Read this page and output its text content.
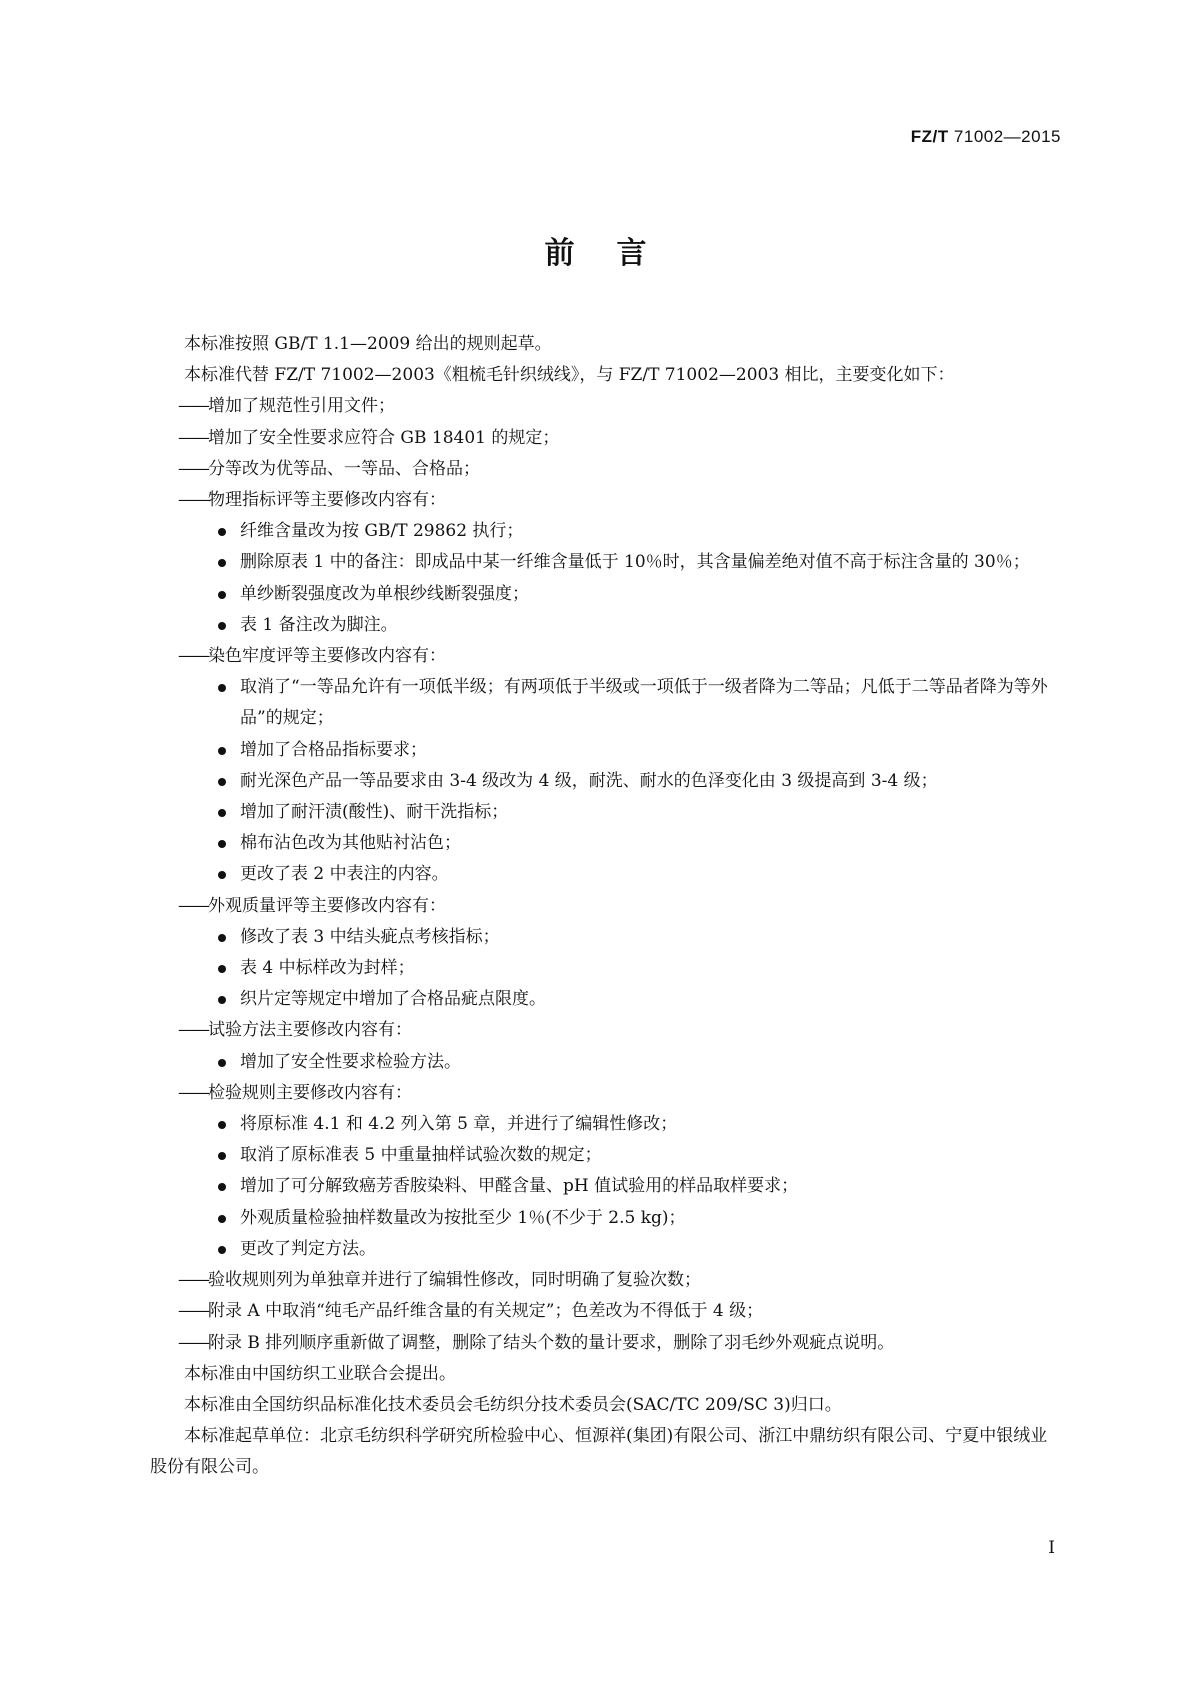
FZ/T 71002—2015
前言

本标准按照 GB/T 1.1—2009 给出的规则起草。

本标准代替 FZ/T 71002—2003《粗梳毛针织绒线》，与 FZ/T 71002—2003 相比，主要变化如下：

——增加了规范性引用文件；

——增加了安全性要求应符合 GB 18401 的规定；

——分等改为优等品、一等品、合格品；

——物理指标评等主要修改内容有：

纤维含量改为按 GB/T 29862 执行；

删除原表 1 中的备注：即成品中某一纤维含量低于 10％时，其含量偏差绝对值不高于标注含量的 30％；

单纱断裂强度改为单根纱线断裂强度；

表 1 备注改为脚注。

——染色牢度评等主要修改内容有：

取消了“一等品允许有一项低半级；有两项低于半级或一项低于一级者降为二等品；凡低于二等品者降为等外品”的规定；

增加了合格品指标要求；

耐光深色产品一等品要求由 3-4 级改为 4 级，耐洗、耐水的色泽变化由 3 级提高到 3-4 级；

增加了耐汗渍(酸性)、耐干洗指标；

棉布沾色改为其他贴衬沾色；

更改了表 2 中表注的内容。

——外观质量评等主要修改内容有：

修改了表 3 中结头疵点考核指标；

表 4 中标样改为封样；

织片定等规定中增加了合格品疵点限度。

——试验方法主要修改内容有：

增加了安全性要求检验方法。

——检验规则主要修改内容有：

将原标准 4.1 和 4.2 列入第 5 章，并进行了编辑性修改；

取消了原标准表 5 中重量抽样试验次数的规定；

增加了可分解致癌芳香胺染料、甲醛含量、pH 值试验用的样品取样要求；

外观质量检验抽样数量改为按批至少 1％(不少于 2.5 kg)；

更改了判定方法。

——验收规则列为单独章并进行了编辑性修改，同时明确了复验次数；

——附录 A 中取消“纯毛产品纤维含量的有关规定”；色差改为不得低于 4 级；

——附录 B 排列顺序重新做了调整，删除了结头个数的量计要求，删除了羽毛纱外观疵点说明。

本标准由中国纺织工业联合会提出。

本标准由全国纺织品标准化技术委员会毛纺织分技术委员会(SAC/TC 209/SC 3)归口。

本标准起草单位：北京毛纺织科学研究所检验中心、恒源祥(集团)有限公司、浙江中鼎纺织有限公司、宁夏中银绒业股份有限公司。

I
